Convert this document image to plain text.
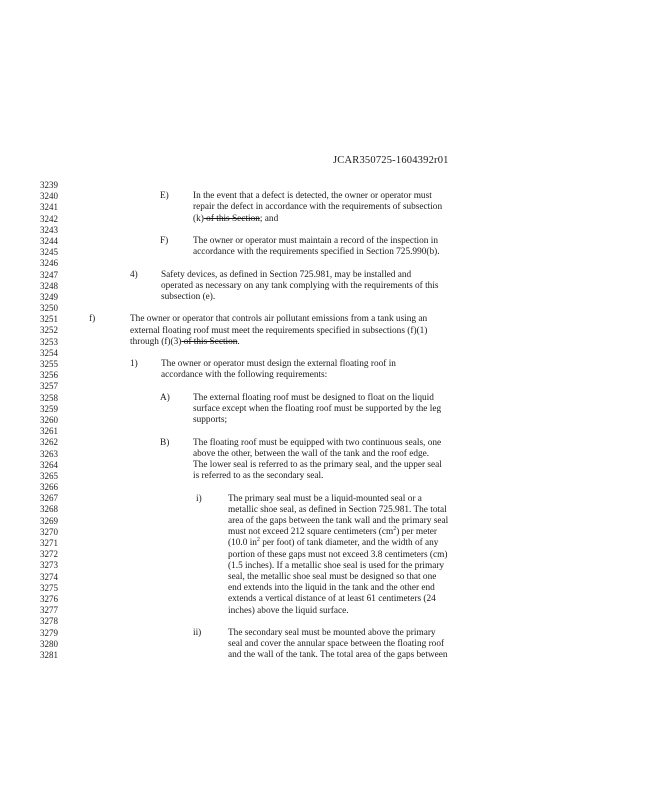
JCAR350725-1604392r01
3239
3240
3241
3242
3243
3244
3245
3246
3247
3248
3249
3250
3251
3252
3253
3254
3255
3256
3257
3258
3259
3260
3261
3262
3263
3264
3265
3266
3267
3268
3269
3270
3271
3272
3273
3274
3275
3276
3277
3278
3279
3280
3281
E)	In the event that a defect is detected, the owner or operator must
repair the defect in accordance with the requirements of subsection
(k) of this Section; and
F)	The owner or operator must maintain a record of the inspection in
accordance with the requirements specified in Section 725.990(b).
4)	Safety devices, as defined in Section 725.981, may be installed and
operated as necessary on any tank complying with the requirements of this
subsection (e).
f)	The owner or operator that controls air pollutant emissions from a tank using an
external floating roof must meet the requirements specified in subsections (f)(1)
through (f)(3) of this Section.
1)	The owner or operator must design the external floating roof in
accordance with the following requirements:
A) The external floating roof must be designed to float on the liquid
surface except when the floating roof must be supported by the leg
supports;
B)	The floating roof must be equipped with two continuous seals, one
above the other, between the wall of the tank and the roof edge.
The lower seal is referred to as the primary seal, and the upper seal
is referred to as the secondary seal.
i)	The primary seal must be a liquid-mounted seal or a
metallic shoe seal, as defined in Section 725.981. The total
area of the gaps between the tank wall and the primary seal
must not exceed 212 square centimeters $(cm^2)$ per meter
(10.0 $in^2$ per foot) of tank diameter, and the width of any
portion of these gaps must not exceed 3.8 centimeters (cm)
(1.5 inches). If a metallic shoe seal is used for the primary
seal, the metallic shoe seal must be designed so that one
end extends into the liquid in the tank and the other end
extends a vertical distance of at least 61 centimeters (24
inches) above the liquid surface.
ii)	The secondary seal must be mounted above the primary
seal and cover the annular space between the floating roof
and the wall of the tank. The total area of the gaps between
